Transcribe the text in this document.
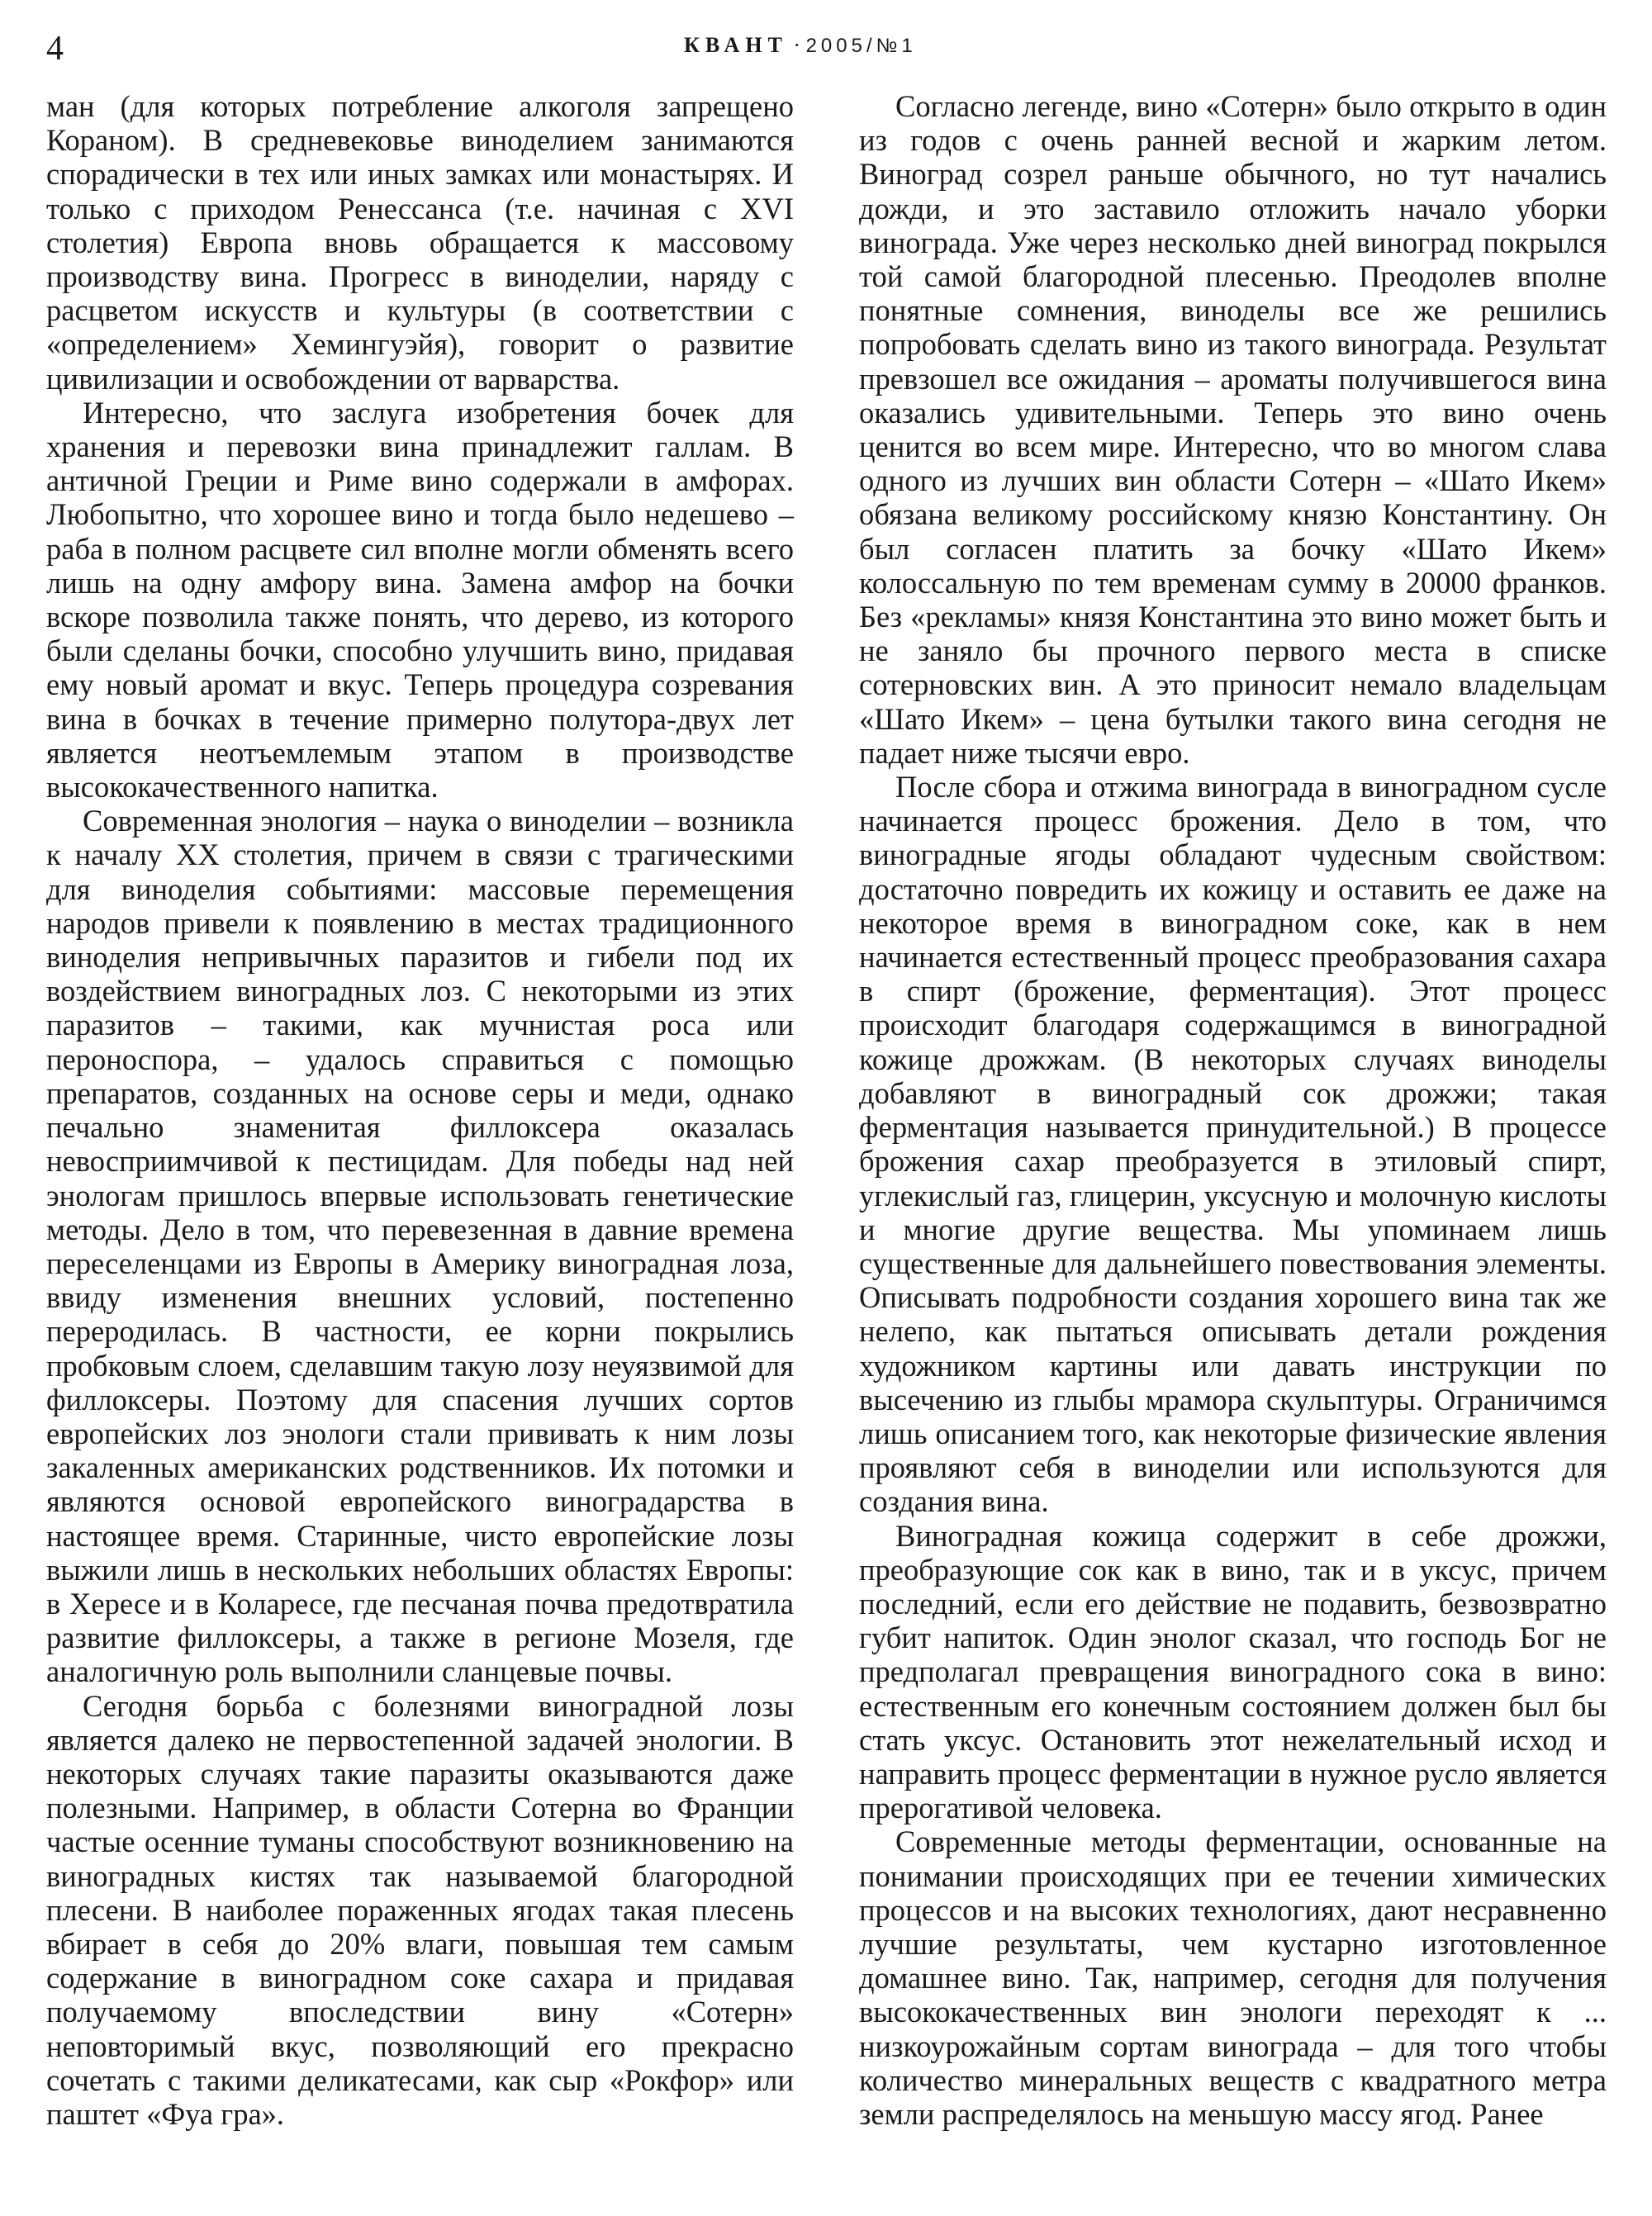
4	КВАНТ · 2005/№1

ман (для которых потребление алкоголя запрещено Кораном). В средневековье виноделием занимаются спорадически в тех или иных замках или монастырях. И только с приходом Ренессанса (т.е. начиная с XVI столетия) Европа вновь обращается к массовому производству вина. Прогресс в виноделии, наряду с расцветом искусств и культуры (в соответствии с «определением» Хемингуэйя), говорит о развитие цивилизации и освобождении от варварства.

Интересно, что заслуга изобретения бочек для хранения и перевозки вина принадлежит галлам. В античной Греции и Риме вино содержали в амфорах. Любопытно, что хорошее вино и тогда было недешево – раба в полном расцвете сил вполне могли обменять всего лишь на одну амфору вина. Замена амфор на бочки вскоре позволила также понять, что дерево, из которого были сделаны бочки, способно улучшить вино, придавая ему новый аромат и вкус. Теперь процедура созревания вина в бочках в течение примерно полутора-двух лет является неотъемлемым этапом в производстве высококачественного напитка.

Современная энология – наука о виноделии – возникла к началу XX столетия, причем в связи с трагическими для виноделия событиями: массовые перемещения народов привели к появлению в местах традиционного виноделия непривычных паразитов и гибели под их воздействием виноградных лоз. С некоторыми из этих паразитов – такими, как мучнистая роса или пероноспора, – удалось справиться с помощью препаратов, созданных на основе серы и меди, однако печально знаменитая филлоксера оказалась невосприимчивой к пестицидам. Для победы над ней энологам пришлось впервые использовать генетические методы. Дело в том, что перевезенная в давние времена переселенцами из Европы в Америку виноградная лоза, ввиду изменения внешних условий, постепенно переродилась. В частности, ее корни покрылись пробковым слоем, сделавшим такую лозу неуязвимой для филлоксеры. Поэтому для спасения лучших сортов европейских лоз энологи стали прививать к ним лозы закаленных американских родственников. Их потомки и являются основой европейского виноградарства в настоящее время. Старинные, чисто европейские лозы выжили лишь в нескольких небольших областях Европы: в Хересе и в Коларесе, где песчаная почва предотвратила развитие филлоксеры, а также в регионе Мозеля, где аналогичную роль выполнили сланцевые почвы.

Сегодня борьба с болезнями виноградной лозы является далеко не первостепенной задачей энологии. В некоторых случаях такие паразиты оказываются даже полезными. Например, в области Сотерна во Франции частые осенние туманы способствуют возникновению на виноградных кистях так называемой благородной плесени. В наиболее пораженных ягодах такая плесень вбирает в себя до 20% влаги, повышая тем самым содержание в виноградном соке сахара и придавая получаемому впоследствии вину «Сотерн» неповторимый вкус, позволяющий его прекрасно сочетать с такими деликатесами, как сыр «Рокфор» или паштет «Фуа гра».

Согласно легенде, вино «Сотерн» было открыто в один из годов с очень ранней весной и жарким летом. Виноград созрел раньше обычного, но тут начались дожди, и это заставило отложить начало уборки винограда. Уже через несколько дней виноград покрылся той самой благородной плесенью. Преодолев вполне понятные сомнения, виноделы все же решились попробовать сделать вино из такого винограда. Результат превзошел все ожидания – ароматы получившегося вина оказались удивительными. Теперь это вино очень ценится во всем мире. Интересно, что во многом слава одного из лучших вин области Сотерн – «Шато Икем» обязана великому российскому князю Константину. Он был согласен платить за бочку «Шато Икем» колоссальную по тем временам сумму в 20000 франков. Без «рекламы» князя Константина это вино может быть и не заняло бы прочного первого места в списке сотерновских вин. А это приносит немало владельцам «Шато Икем» – цена бутылки такого вина сегодня не падает ниже тысячи евро.

После сбора и отжима винограда в виноградном сусле начинается процесс брожения. Дело в том, что виноградные ягоды обладают чудесным свойством: достаточно повредить их кожицу и оставить ее даже на некоторое время в виноградном соке, как в нем начинается естественный процесс преобразования сахара в спирт (брожение, ферментация). Этот процесс происходит благодаря содержащимся в виноградной кожице дрожжам. (В некоторых случаях виноделы добавляют в виноградный сок дрожжи; такая ферментация называется принудительной.) В процессе брожения сахар преобразуется в этиловый спирт, углекислый газ, глицерин, уксусную и молочную кислоты и многие другие вещества. Мы упоминаем лишь существенные для дальнейшего повествования элементы. Описывать подробности создания хорошего вина так же нелепо, как пытаться описывать детали рождения художником картины или давать инструкции по высечению из глыбы мрамора скульптуры. Ограничимся лишь описанием того, как некоторые физические явления проявляют себя в виноделии или используются для создания вина.

Виноградная кожица содержит в себе дрожжи, преобразующие сок как в вино, так и в уксус, причем последний, если его действие не подавить, безвозвратно губит напиток. Один энолог сказал, что господь Бог не предполагал превращения виноградного сока в вино: естественным его конечным состоянием должен был бы стать уксус. Остановить этот нежелательный исход и направить процесс ферментации в нужное русло является прерогативой человека.

Современные методы ферментации, основанные на понимании происходящих при ее течении химических процессов и на высоких технологиях, дают несравненно лучшие результаты, чем кустарно изготовленное домашнее вино. Так, например, сегодня для получения высококачественных вин энологи переходят к ... низкоурожайным сортам винограда – для того чтобы количество минеральных веществ с квадратного метра земли распределялось на меньшую массу ягод. Ранее
